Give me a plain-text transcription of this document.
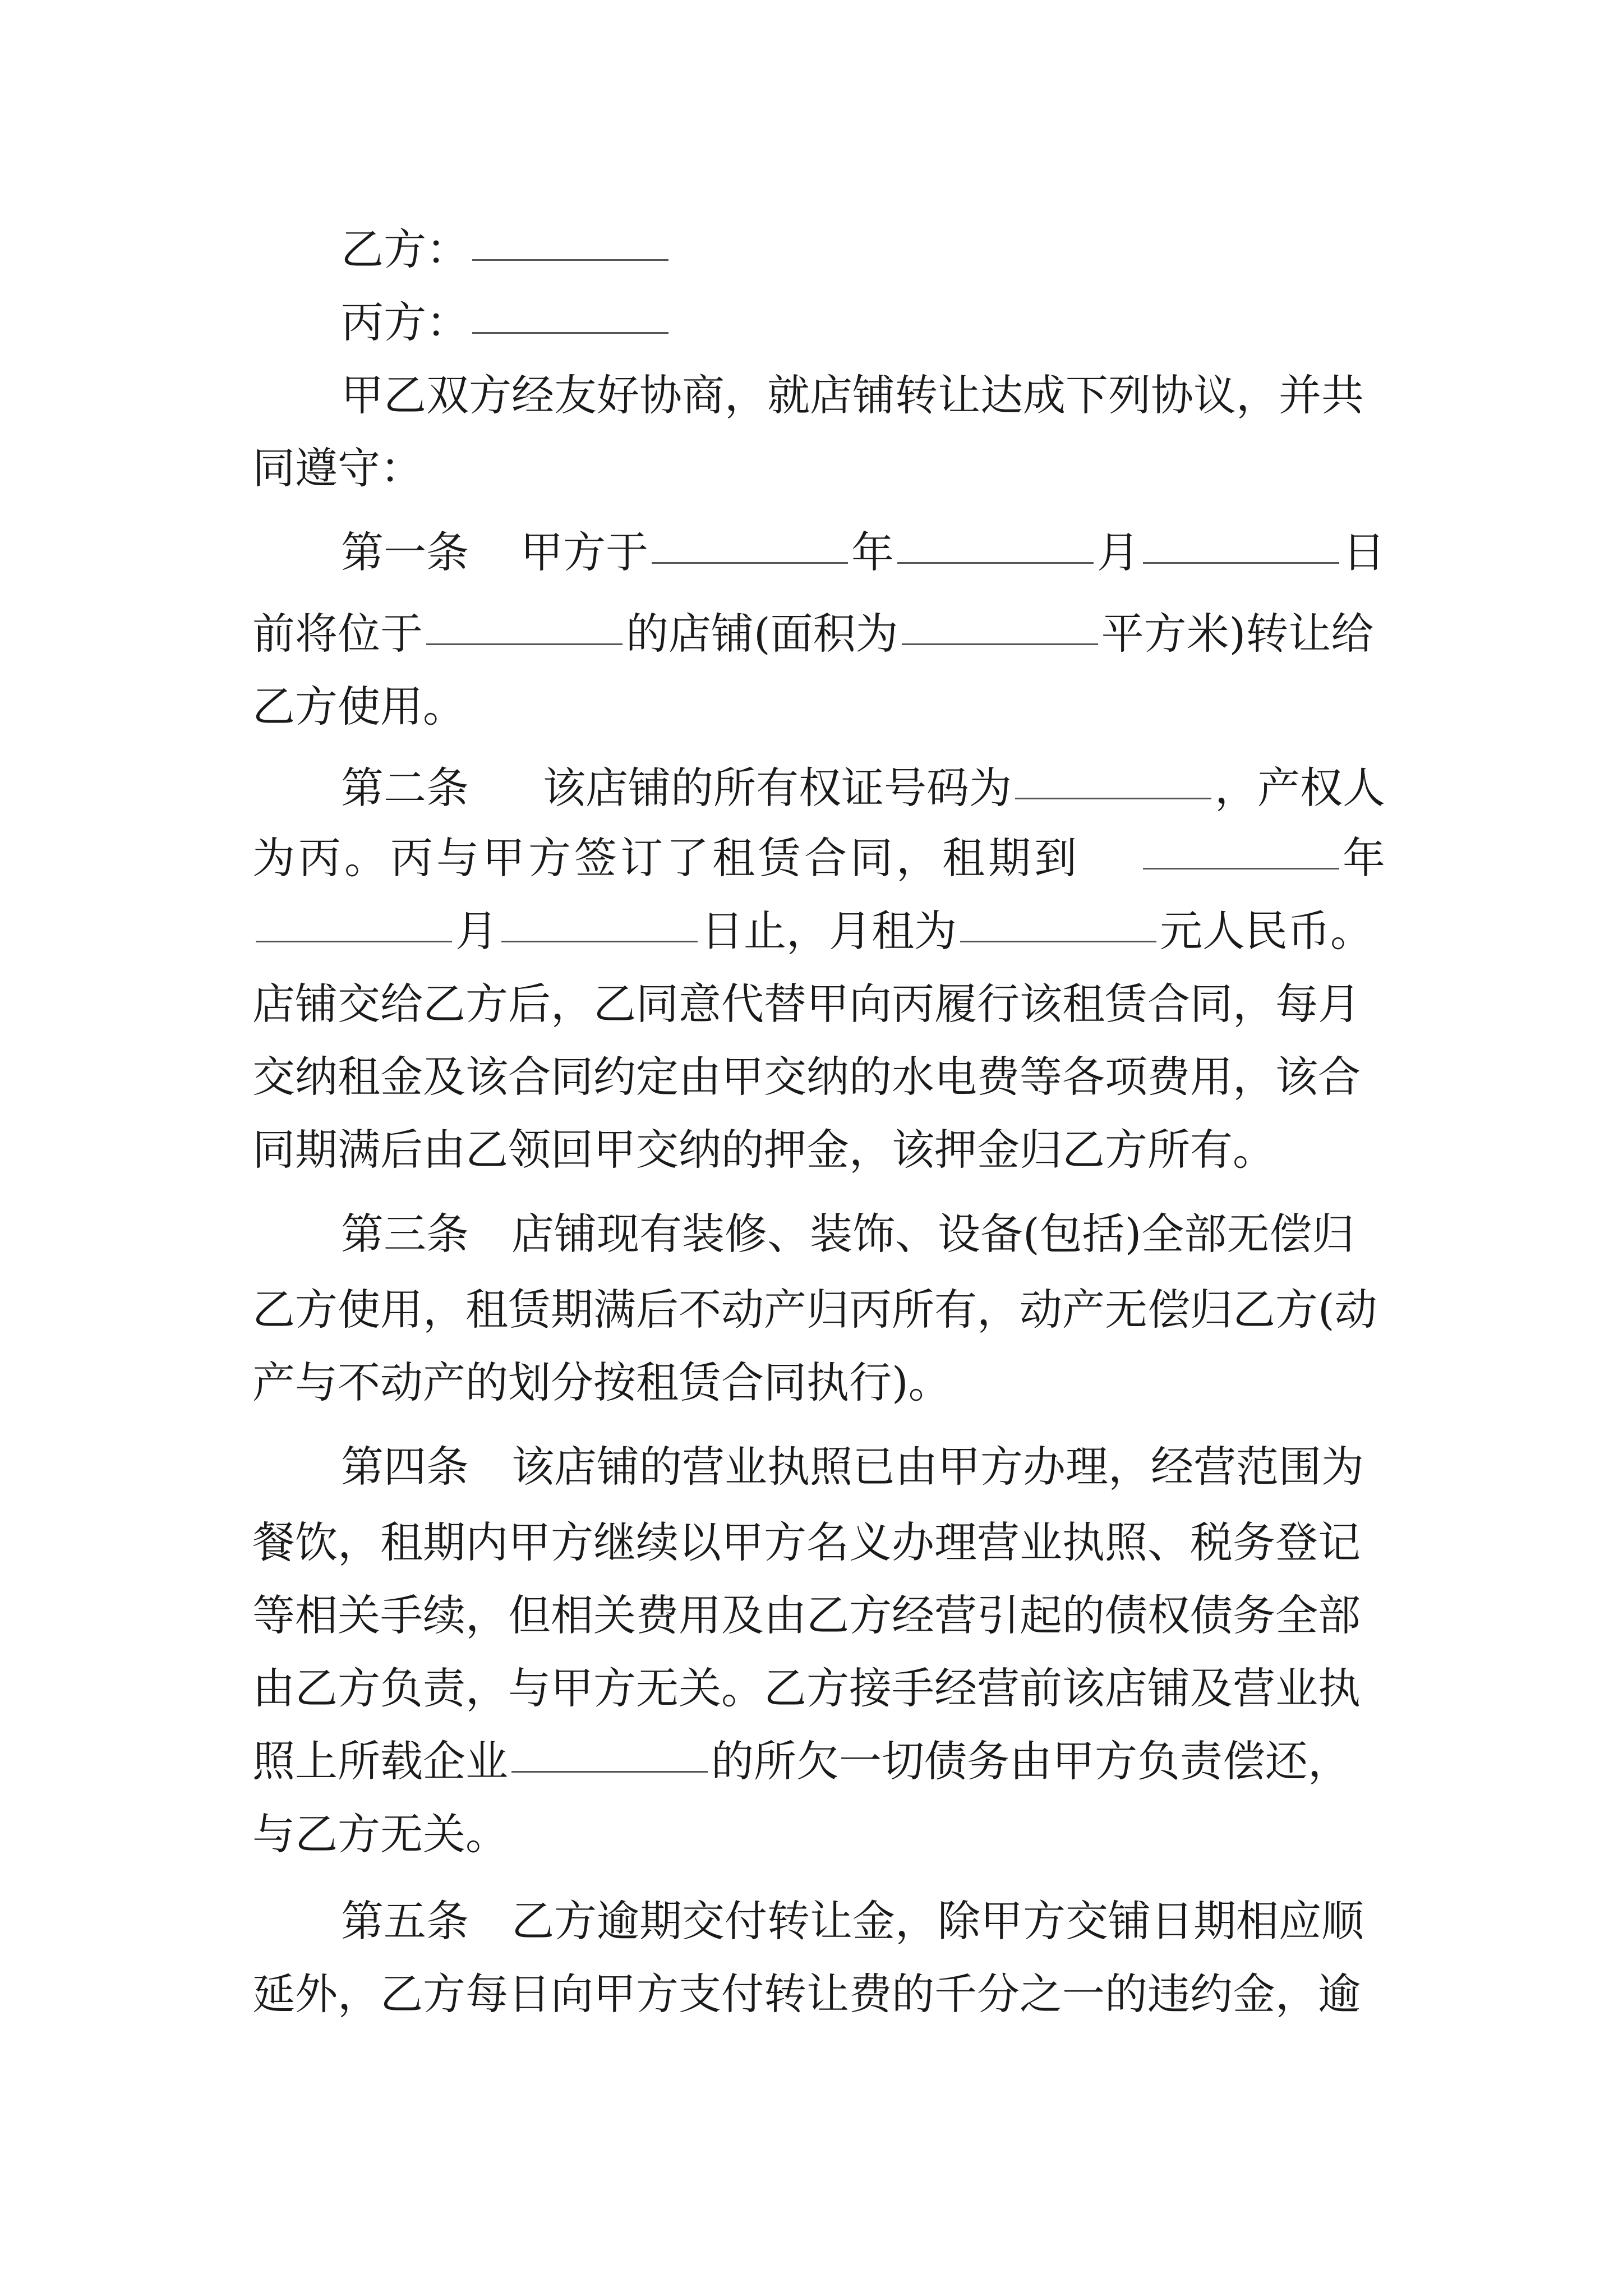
乙方：
丙方：
甲乙双方经友好协商，就店铺转让达成下列协议，并共
同遵守：
第一条 甲方于	年	月	日
前将位于	的店铺(面积为	平方米)转让给
乙方使用。
第二条 该店铺的所有权证号码为	，产权人
为丙。丙与甲方签订了租赁合同，租期到	年
月	日止，月租为	元人民币。
店铺交给乙方后，乙同意代替甲向丙履行该租赁合同，每月
交纳租金及该合同约定由甲交纳的水电费等各项费用，该合
同期满后由乙领回甲交纳的押金，该押金归乙方所有。
第三条　店铺现有装修、装饰、设备(包括)全部无偿归
乙方使用，租赁期满后不动产归丙所有，动产无偿归乙方(动
产与不动产的划分按租赁合同执行)。
第四条　该店铺的营业执照已由甲方办理，经营范围为
餐饮，租期内甲方继续以甲方名义办理营业执照、税务登记
等相关手续，但相关费用及由乙方经营引起的债权债务全部
由乙方负责，与甲方无关。乙方接手经营前该店铺及营业执
照上所载企业	的所欠一切债务由甲方负责偿还，
与乙方无关。
第五条　乙方逾期交付转让金，除甲方交铺日期相应顺
延外，乙方每日向甲方支付转让费的千分之一的违约金，逾
